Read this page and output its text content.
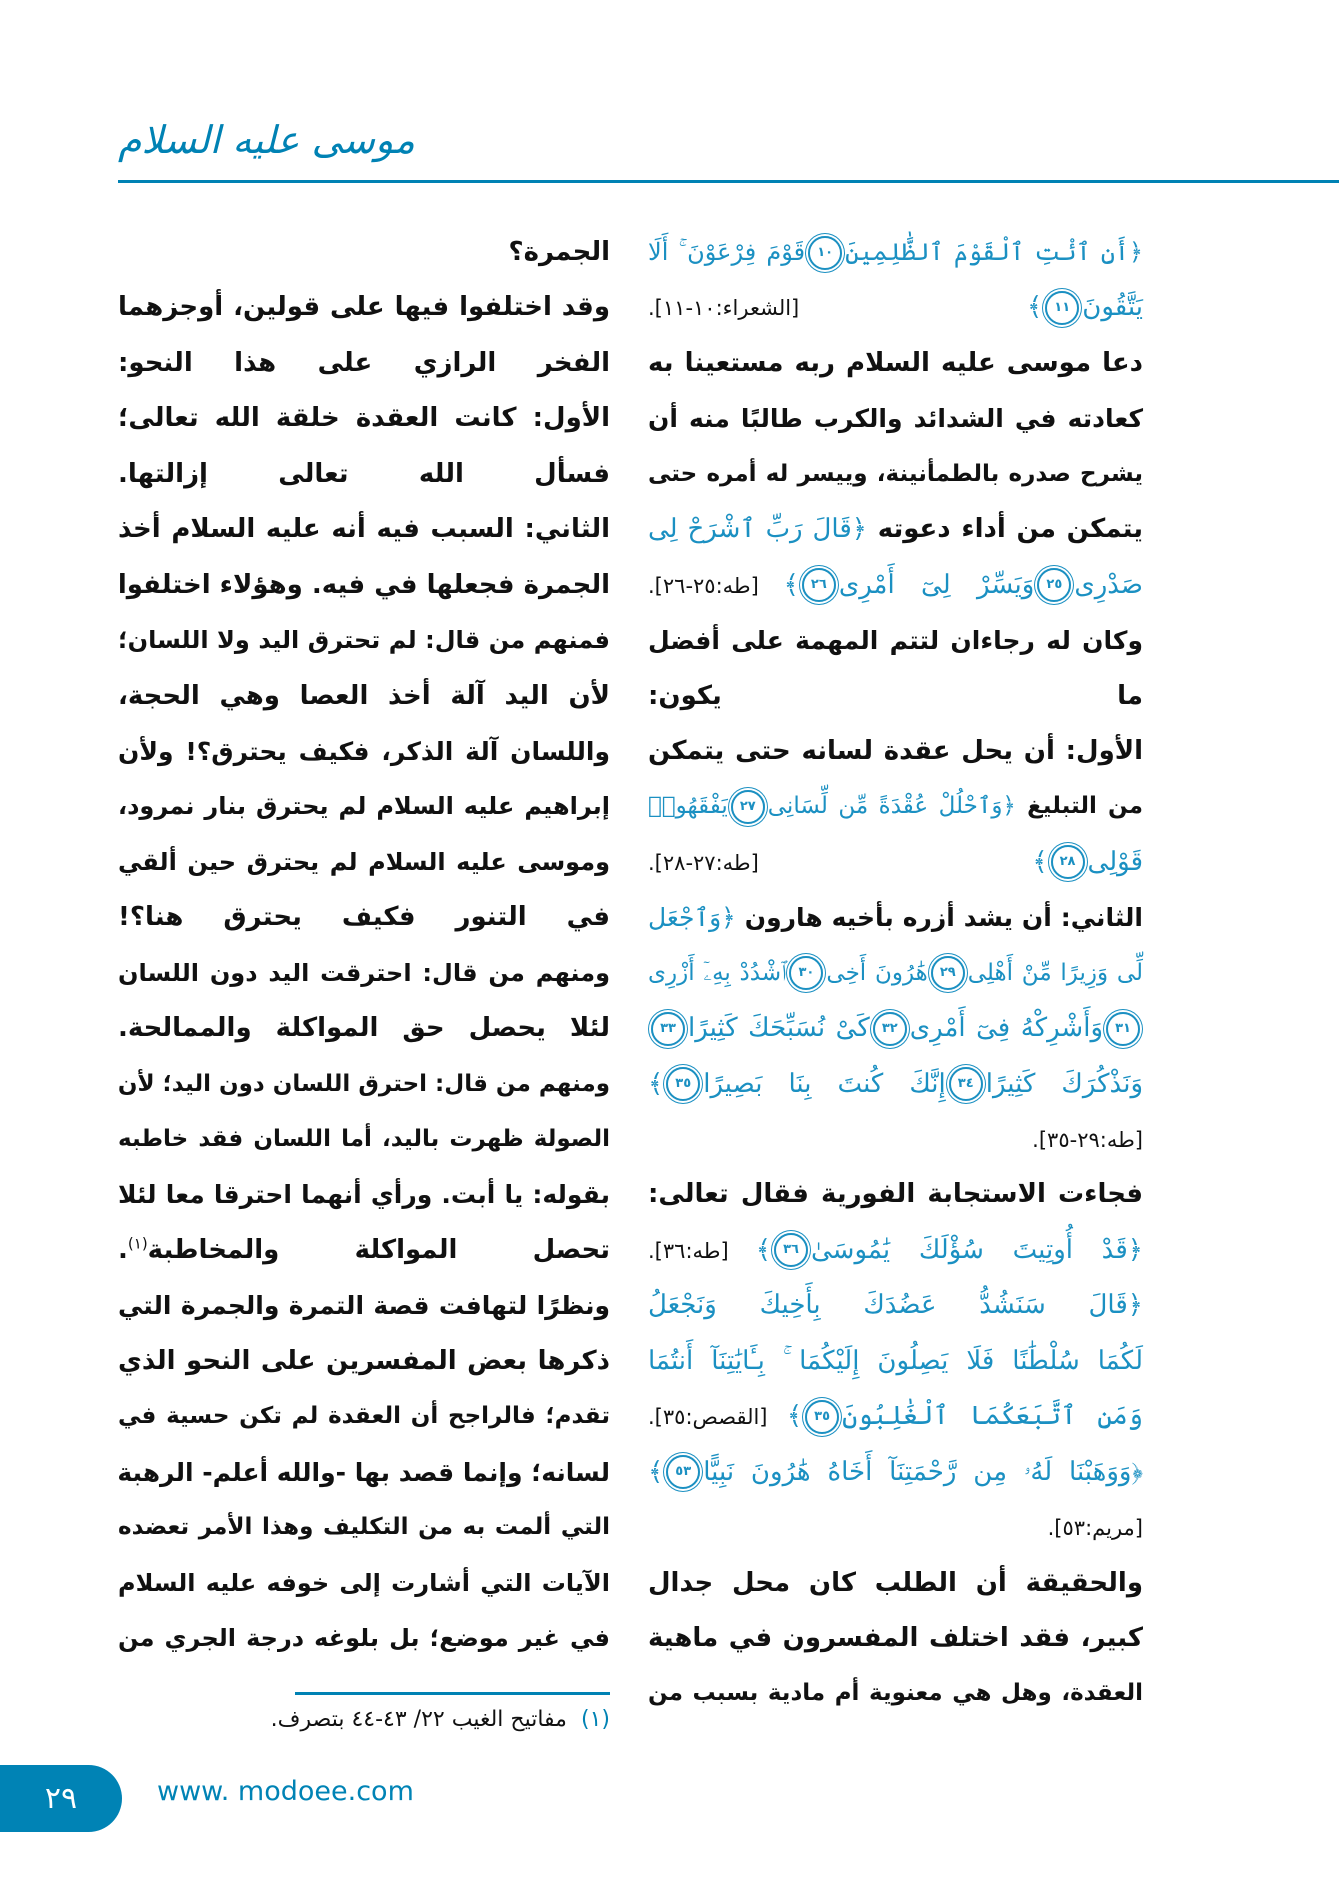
موسى عليه السلام
﴿أَنِ ٱئْتِ ٱلْقَوْمَ ٱلظَّٰلِمِينَ١٠قَوْمَ فِرْعَوْنَ ۚ أَلَا
يَتَّقُونَ١١﴾ [الشعراء:١٠-١١].
دعا موسى عليه السلام ربه مستعينا به
كعادته في الشدائد والكرب طالبًا منه أن
يشرح صدره بالطمأنينة، وييسر له أمره حتى
يتمكن من أداء دعوته ﴿قَالَ رَبِّ ٱشْرَحْ لِى
صَدْرِى٢٥وَيَسِّرْ لِىٓ أَمْرِى٢٦﴾ [طه:٢٥-٢٦].
وكان له رجاءان لتتم المهمة على أفضل
ما يكون:
الأول: أن يحل عقدة لسانه حتى يتمكن
من التبليغ ﴿وَٱحْلُلْ عُقْدَةً مِّن لِّسَانِى٢٧يَفْقَهُوا۟
قَوْلِى٢٨﴾ [طه:٢٧-٢٨].
الثاني: أن يشد أزره بأخيه هارون ﴿وَٱجْعَل
لِّى وَزِيرًا مِّنْ أَهْلِى٢٩هَٰرُونَ أَخِى٣٠ٱشْدُدْ بِهِۦٓ أَزْرِى
٣١وَأَشْرِكْهُ فِىٓ أَمْرِى٣٢كَىْ نُسَبِّحَكَ كَثِيرًا٣٣
وَنَذْكُرَكَ كَثِيرًا٣٤إِنَّكَ كُنتَ بِنَا بَصِيرًا٣٥﴾
[طه:٢٩-٣٥].
فجاءت الاستجابة الفورية فقال تعالى:
﴿قَدْ أُوتِيتَ سُؤْلَكَ يَٰمُوسَىٰ٣٦﴾ [طه:٣٦].
﴿قَالَ سَنَشُدُّ عَضُدَكَ بِأَخِيكَ وَنَجْعَلُ
لَكُمَا سُلْطَٰنًا فَلَا يَصِلُونَ إِلَيْكُمَا ۚ بِـَٔايَٰتِنَآ أَنتُمَا
وَمَنِ ٱتَّبَعَكُمَا ٱلْغَٰلِبُونَ٣٥﴾ [القصص:٣٥].
﴿وَوَهَبْنَا لَهُۥ مِن رَّحْمَتِنَآ أَخَاهُ هَٰرُونَ نَبِيًّا٥٣﴾
[مريم:٥٣].
والحقيقة أن الطلب كان محل جدال
كبير، فقد اختلف المفسرون في ماهية
العقدة، وهل هي معنوية أم مادية بسبب من
الجمرة؟
وقد اختلفوا فيها على قولين، أوجزهما
الفخر الرازي على هذا النحو:
الأول: كانت العقدة خلقة الله تعالى؛
فسأل الله تعالى إزالتها.
الثاني: السبب فيه أنه عليه السلام أخذ
الجمرة فجعلها في فيه. وهؤلاء اختلفوا
فمنهم من قال: لم تحترق اليد ولا اللسان؛
لأن اليد آلة أخذ العصا وهي الحجة،
واللسان آلة الذكر، فكيف يحترق؟! ولأن
إبراهيم عليه السلام لم يحترق بنار نمرود،
وموسى عليه السلام لم يحترق حين ألقي
في التنور فكيف يحترق هنا؟!
ومنهم من قال: احترقت اليد دون اللسان
لئلا يحصل حق المواكلة والممالحة.
ومنهم من قال: احترق اللسان دون اليد؛ لأن
الصولة ظهرت باليد، أما اللسان فقد خاطبه
بقوله: يا أبت. ورأي أنهما احترقا معا لئلا
تحصل المواكلة والمخاطبة$^{(١)}$.
ونظرًا لتهافت قصة التمرة والجمرة التي
ذكرها بعض المفسرين على النحو الذي
تقدم؛ فالراجح أن العقدة لم تكن حسية في
لسانه؛ وإنما قصد بها -والله أعلم- الرهبة
التي ألمت به من التكليف وهذا الأمر تعضده
الآيات التي أشارت إلى خوفه عليه السلام
في غير موضع؛ بل بلوغه درجة الجري من
(١)مفاتيح الغيب ٢٢/ ٤٣-٤٤ بتصرف.
٢٩	www. modoee.com
